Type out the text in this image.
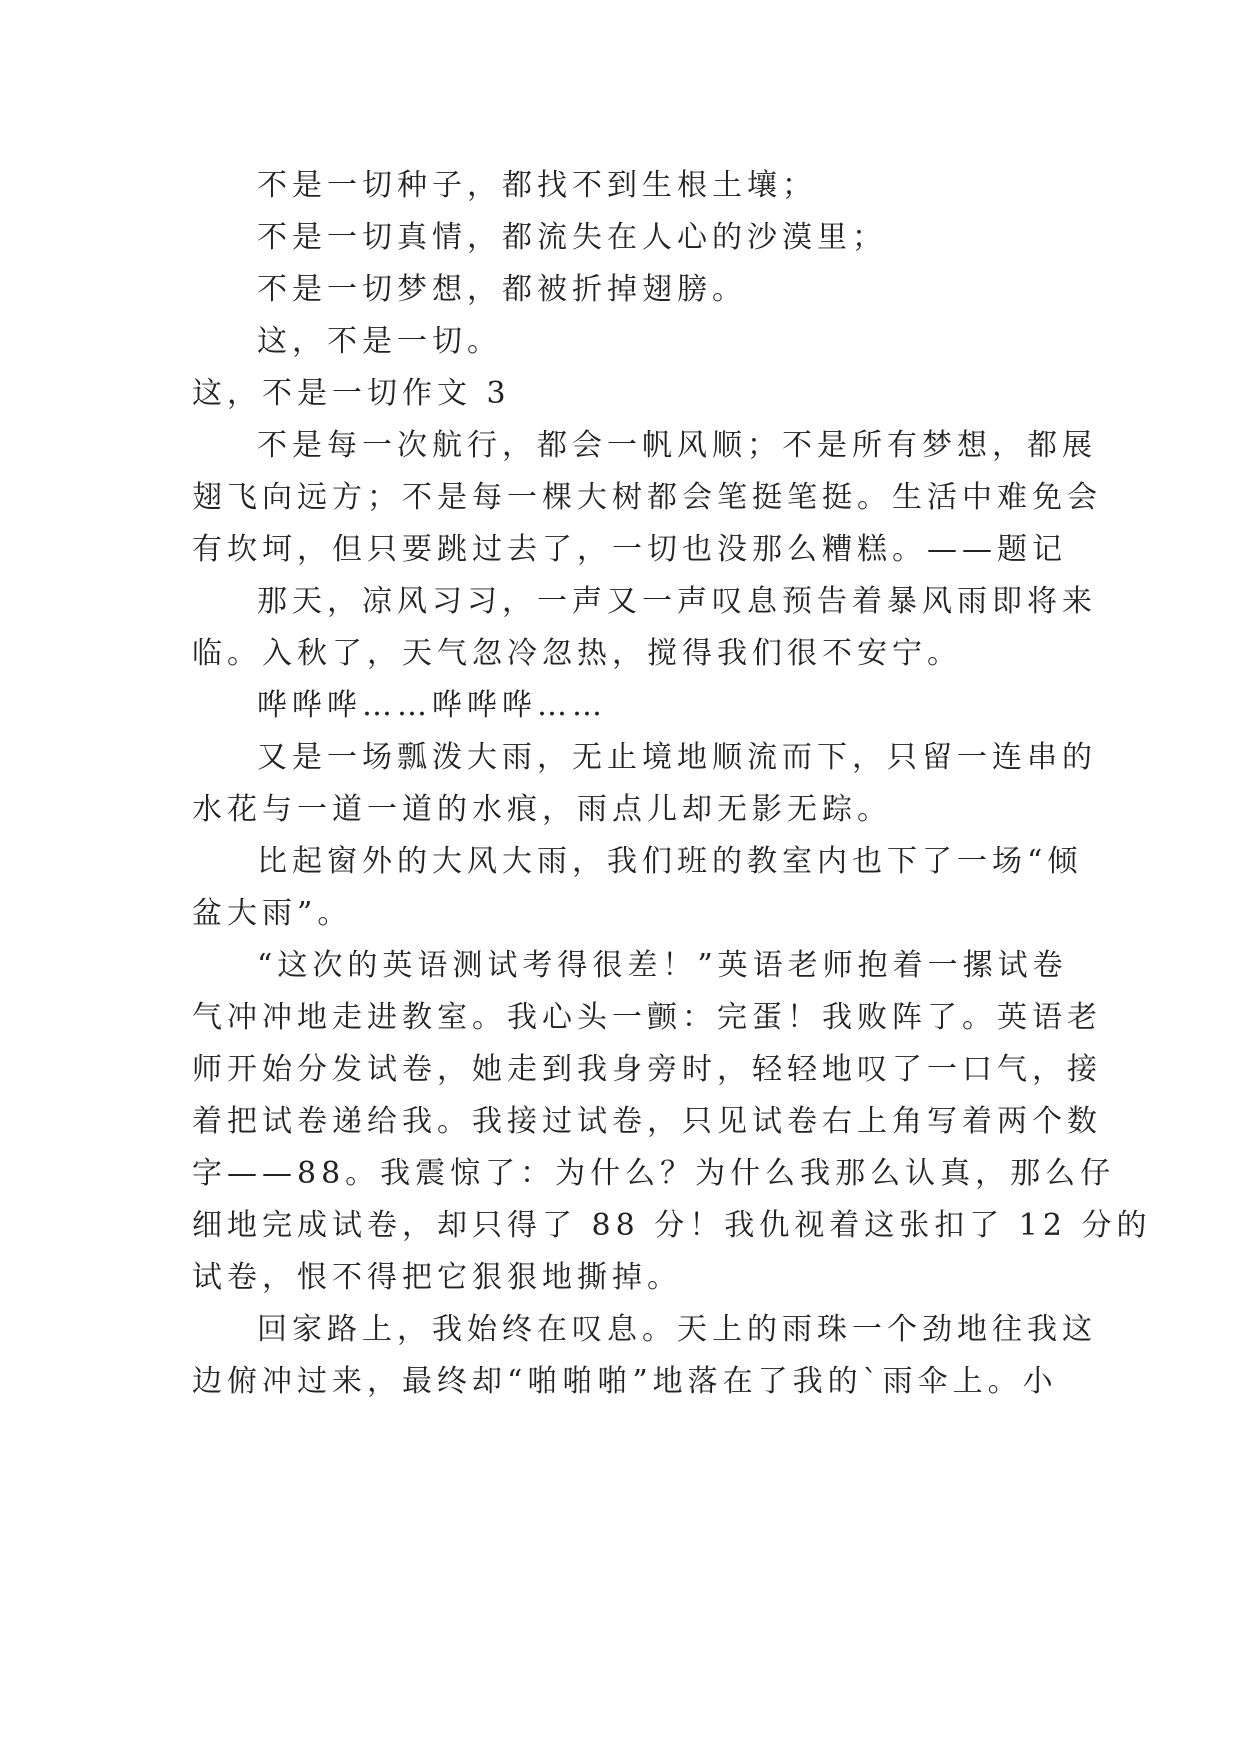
不是一切种子，都找不到生根土壤；
不是一切真情，都流失在人心的沙漠里；
不是一切梦想，都被折掉翅膀。
这，不是一切。
这，不是一切作文 3
不是每一次航行，都会一帆风顺；不是所有梦想，都展
翅飞向远方；不是每一棵大树都会笔挺笔挺。生活中难免会
有坎坷，但只要跳过去了，一切也没那么糟糕。——题记
那天，凉风习习，一声又一声叹息预告着暴风雨即将来
临。入秋了，天气忽冷忽热，搅得我们很不安宁。
哗哗哗……哗哗哗……
又是一场瓢泼大雨，无止境地顺流而下，只留一连串的
水花与一道一道的水痕，雨点儿却无影无踪。
比起窗外的大风大雨，我们班的教室内也下了一场“倾
盆大雨”。
“这次的英语测试考得很差！”英语老师抱着一摞试卷
气冲冲地走进教室。我心头一颤：完蛋！我败阵了。英语老
师开始分发试卷，她走到我身旁时，轻轻地叹了一口气，接
着把试卷递给我。我接过试卷，只见试卷右上角写着两个数
字——88。我震惊了：为什么？为什么我那么认真，那么仔
细地完成试卷，却只得了 88 分！我仇视着这张扣了 12 分的
试卷，恨不得把它狠狠地撕掉。
回家路上，我始终在叹息。天上的雨珠一个劲地往我这
边俯冲过来，最终却“啪啪啪”地落在了我的`雨伞上。小
